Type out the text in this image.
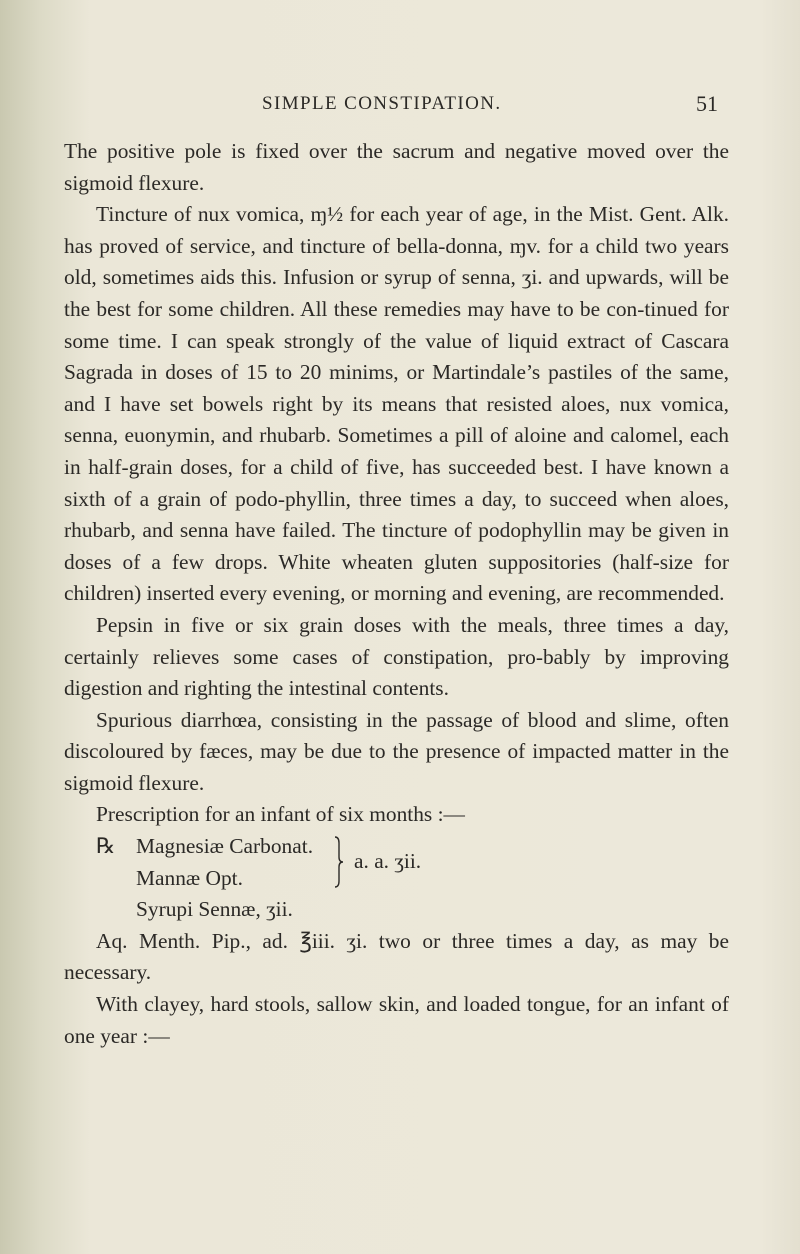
SIMPLE CONSTIPATION.	51

The positive pole is fixed over the sacrum and negative moved over the sigmoid flexure.

Tincture of nux vomica, ɱ½ for each year of age, in the Mist. Gent. Alk. has proved of service, and tincture of bella-donna, ɱv. for a child two years old, sometimes aids this. Infusion or syrup of senna, ʒi. and upwards, will be the best for some children. All these remedies may have to be con-tinued for some time. I can speak strongly of the value of liquid extract of Cascara Sagrada in doses of 15 to 20 minims, or Martindale’s pastiles of the same, and I have set bowels right by its means that resisted aloes, nux vomica, senna, euonymin, and rhubarb. Sometimes a pill of aloine and calomel, each in half-grain doses, for a child of five, has succeeded best. I have known a sixth of a grain of podo-phyllin, three times a day, to succeed when aloes, rhubarb, and senna have failed. The tincture of podophyllin may be given in doses of a few drops. White wheaten gluten suppositories (half-size for children) inserted every evening, or morning and evening, are recommended.

Pepsin in five or six grain doses with the meals, three times a day, certainly relieves some cases of constipation, pro-bably by improving digestion and righting the intestinal contents.

Spurious diarrhœa, consisting in the passage of blood and slime, often discoloured by fæces, may be due to the presence of impacted matter in the sigmoid flexure.

Prescription for an infant of six months :—

℞ Magnesiæ Carbonat.
Mannæ Opt.
a. a. ʒii.
Syrupi Sennæ, ʒii.

Aq. Menth. Pip., ad. ℥iii. ʒi. two or three times a day, as may be necessary.

With clayey, hard stools, sallow skin, and loaded tongue, for an infant of one year :—
